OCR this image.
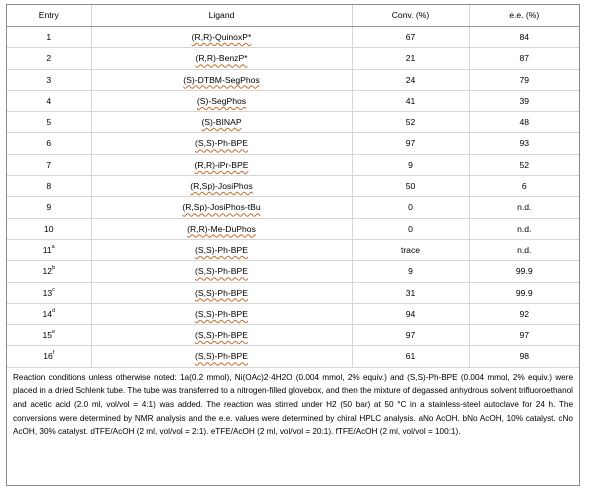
Entry	Ligand	Conv. (%)	e.e. (%)
1	(R,R)-QuinoxP*	67	84
2	(R,R)-BenzP*	21	87
3	(S)-DTBM-SegPhos	24	79
4	(S)-SegPhos	41	39
5	(S)-BINAP	52	48
6	(S,S)-Ph-BPE	97	93
7	(R,R)-iPr-BPE	9	52
8	(R,Sp)-JosiPhos	50	6
9	(R,Sp)-JosiPhos-tBu	0	n.d.
10	(R,R)-Me-DuPhos	0	n.d.
11$^a$	(S,S)-Ph-BPE	trace	n.d.
12$^b$	(S,S)-Ph-BPE	9	99.9
13$^c$	(S,S)-Ph-BPE	31	99.9
14$^d$	(S,S)-Ph-BPE	94	92
15e	(S,S)-Ph-BPE	97	97
16$^f$	(S,S)-Ph-BPE	61	98
Reaction conditions unless otherwise noted: 1a(0.2 mmol), Ni(OAc)2·4H2O (0.004 mmol, 2% equiv.) and (S,S)-Ph-BPE (0.004 mmol, 2% equiv.) were placed in a dried Schlenk tube. The tube was transferred to a nitrogen-filled glovebox, and then the mixture of degassed anhydrous solvent trifluoroethanol and acetic acid (2.0 ml, vol/vol = 4:1) was added. The reaction was stirred under H2 (50 bar) at 50 °C in a stainless-steel autoclave for 24 h. The conversions were determined by NMR analysis and the e.e. values were determined by chiral HPLC analysis. aNo AcOH. bNo AcOH, 10% catalyst. cNo AcOH, 30% catalyst. dTFE/AcOH (2 ml, vol/vol = 2:1). eTFE/AcOH (2 ml, vol/vol = 20:1). fTFE/AcOH (2 ml, vol/vol = 100:1).
